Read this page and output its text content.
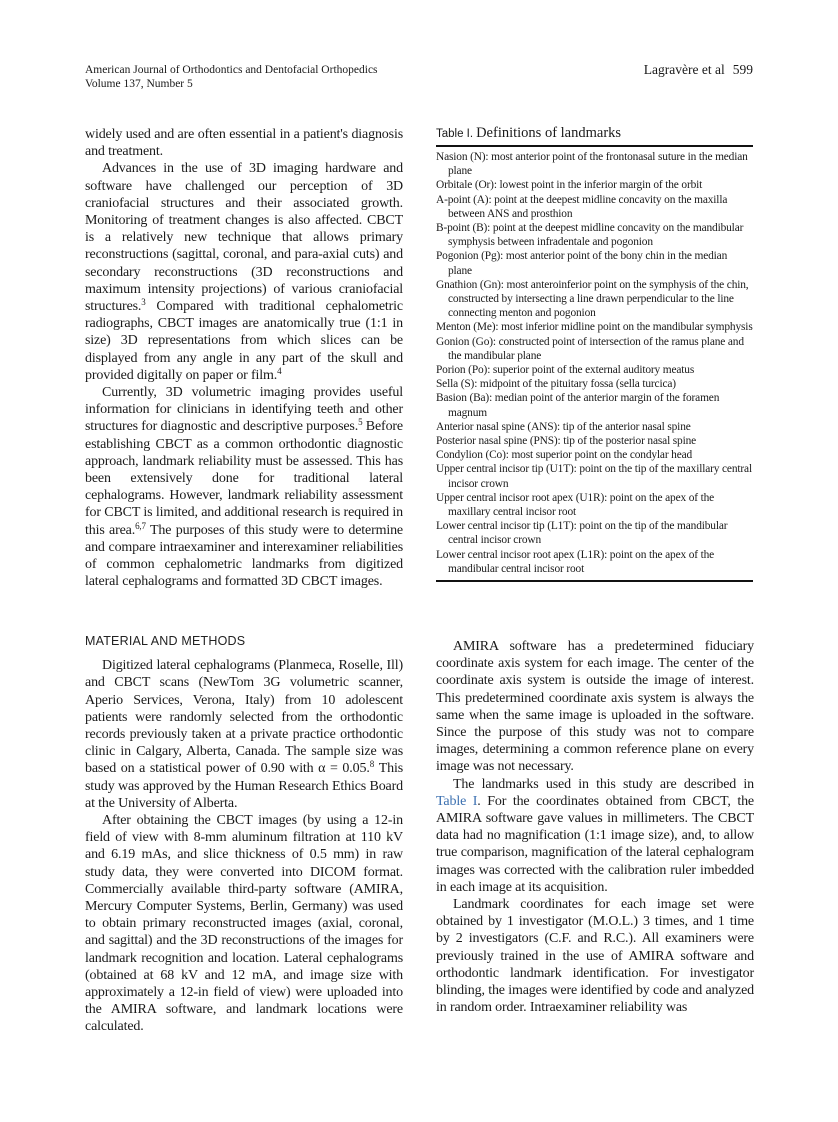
American Journal of Orthodontics and Dentofacial Orthopedics
Volume 137, Number 5
Lagravère et al 599

widely used and are often essential in a patient's diagnosis and treatment.

Advances in the use of 3D imaging hardware and software have challenged our perception of 3D craniofacial structures and their associated growth. Monitoring of treatment changes is also affected. CBCT is a relatively new technique that allows primary reconstructions (sagittal, coronal, and para-axial cuts) and secondary reconstructions (3D reconstructions and maximum intensity projections) of various craniofacial structures.$^3$ Compared with traditional cephalometric radiographs, CBCT images are anatomically true (1:1 in size) 3D representations from which slices can be displayed from any angle in any part of the skull and provided digitally on paper or film.$^4$

Currently, 3D volumetric imaging provides useful information for clinicians in identifying teeth and other structures for diagnostic and descriptive purposes.$^5$ Before establishing CBCT as a common orthodontic diagnostic approach, landmark reliability must be assessed. This has been extensively done for traditional lateral cephalograms. However, landmark reliability assessment for CBCT is limited, and additional research is required in this area.$^{6,7}$ The purposes of this study were to determine and compare intraexaminer and interexaminer reliabilities of common cephalometric landmarks from digitized lateral cephalograms and formatted 3D CBCT images.

MATERIAL AND METHODS

Digitized lateral cephalograms (Planmeca, Roselle, Ill) and CBCT scans (NewTom 3G volumetric scanner, Aperio Services, Verona, Italy) from 10 adolescent patients were randomly selected from the orthodontic records previously taken at a private practice orthodontic clinic in Calgary, Alberta, Canada. The sample size was based on a statistical power of 0.90 with α = 0.05.$^8$ This study was approved by the Human Research Ethics Board at the University of Alberta.

After obtaining the CBCT images (by using a 12-in field of view with 8-mm aluminum filtration at 110 kV and 6.19 mAs, and slice thickness of 0.5 mm) in raw study data, they were converted into DICOM format. Commercially available third-party software (AMIRA, Mercury Computer Systems, Berlin, Germany) was used to obtain primary reconstructed images (axial, coronal, and sagittal) and the 3D reconstructions of the images for landmark recognition and location. Lateral cephalograms (obtained at 68 kV and 12 mA, and image size with approximately a 12-in field of view) were uploaded into the AMIRA software, and landmark locations were calculated.

Table I. Definitions of landmarks
Nasion (N): most anterior point of the frontonasal suture in the median plane
Orbitale (Or): lowest point in the inferior margin of the orbit
A-point (A): point at the deepest midline concavity on the maxilla between ANS and prosthion
B-point (B): point at the deepest midline concavity on the mandibular symphysis between infradentale and pogonion
Pogonion (Pg): most anterior point of the bony chin in the median plane
Gnathion (Gn): most anteroinferior point on the symphysis of the chin, constructed by intersecting a line drawn perpendicular to the line connecting menton and pogonion
Menton (Me): most inferior midline point on the mandibular symphysis
Gonion (Go): constructed point of intersection of the ramus plane and the mandibular plane
Porion (Po): superior point of the external auditory meatus
Sella (S): midpoint of the pituitary fossa (sella turcica)
Basion (Ba): median point of the anterior margin of the foramen magnum
Anterior nasal spine (ANS): tip of the anterior nasal spine
Posterior nasal spine (PNS): tip of the posterior nasal spine
Condylion (Co): most superior point on the condylar head
Upper central incisor tip (U1T): point on the tip of the maxillary central incisor crown
Upper central incisor root apex (U1R): point on the apex of the maxillary central incisor root
Lower central incisor tip (L1T): point on the tip of the mandibular central incisor crown
Lower central incisor root apex (L1R): point on the apex of the mandibular central incisor root

AMIRA software has a predetermined fiduciary coordinate axis system for each image. The center of the coordinate axis system is outside the image of interest. This predetermined coordinate axis system is always the same when the same image is uploaded in the software. Since the purpose of this study was not to compare images, determining a common reference plane on every image was not necessary.

The landmarks used in this study are described in Table I. For the coordinates obtained from CBCT, the AMIRA software gave values in millimeters. The CBCT data had no magnification (1:1 image size), and, to allow true comparison, magnification of the lateral cephalogram images was corrected with the calibration ruler imbedded in each image at its acquisition.

Landmark coordinates for each image set were obtained by 1 investigator (M.O.L.) 3 times, and 1 time by 2 investigators (C.F. and R.C.). All examiners were previously trained in the use of AMIRA software and orthodontic landmark identification. For investigator blinding, the images were identified by code and analyzed in random order. Intraexaminer reliability was
